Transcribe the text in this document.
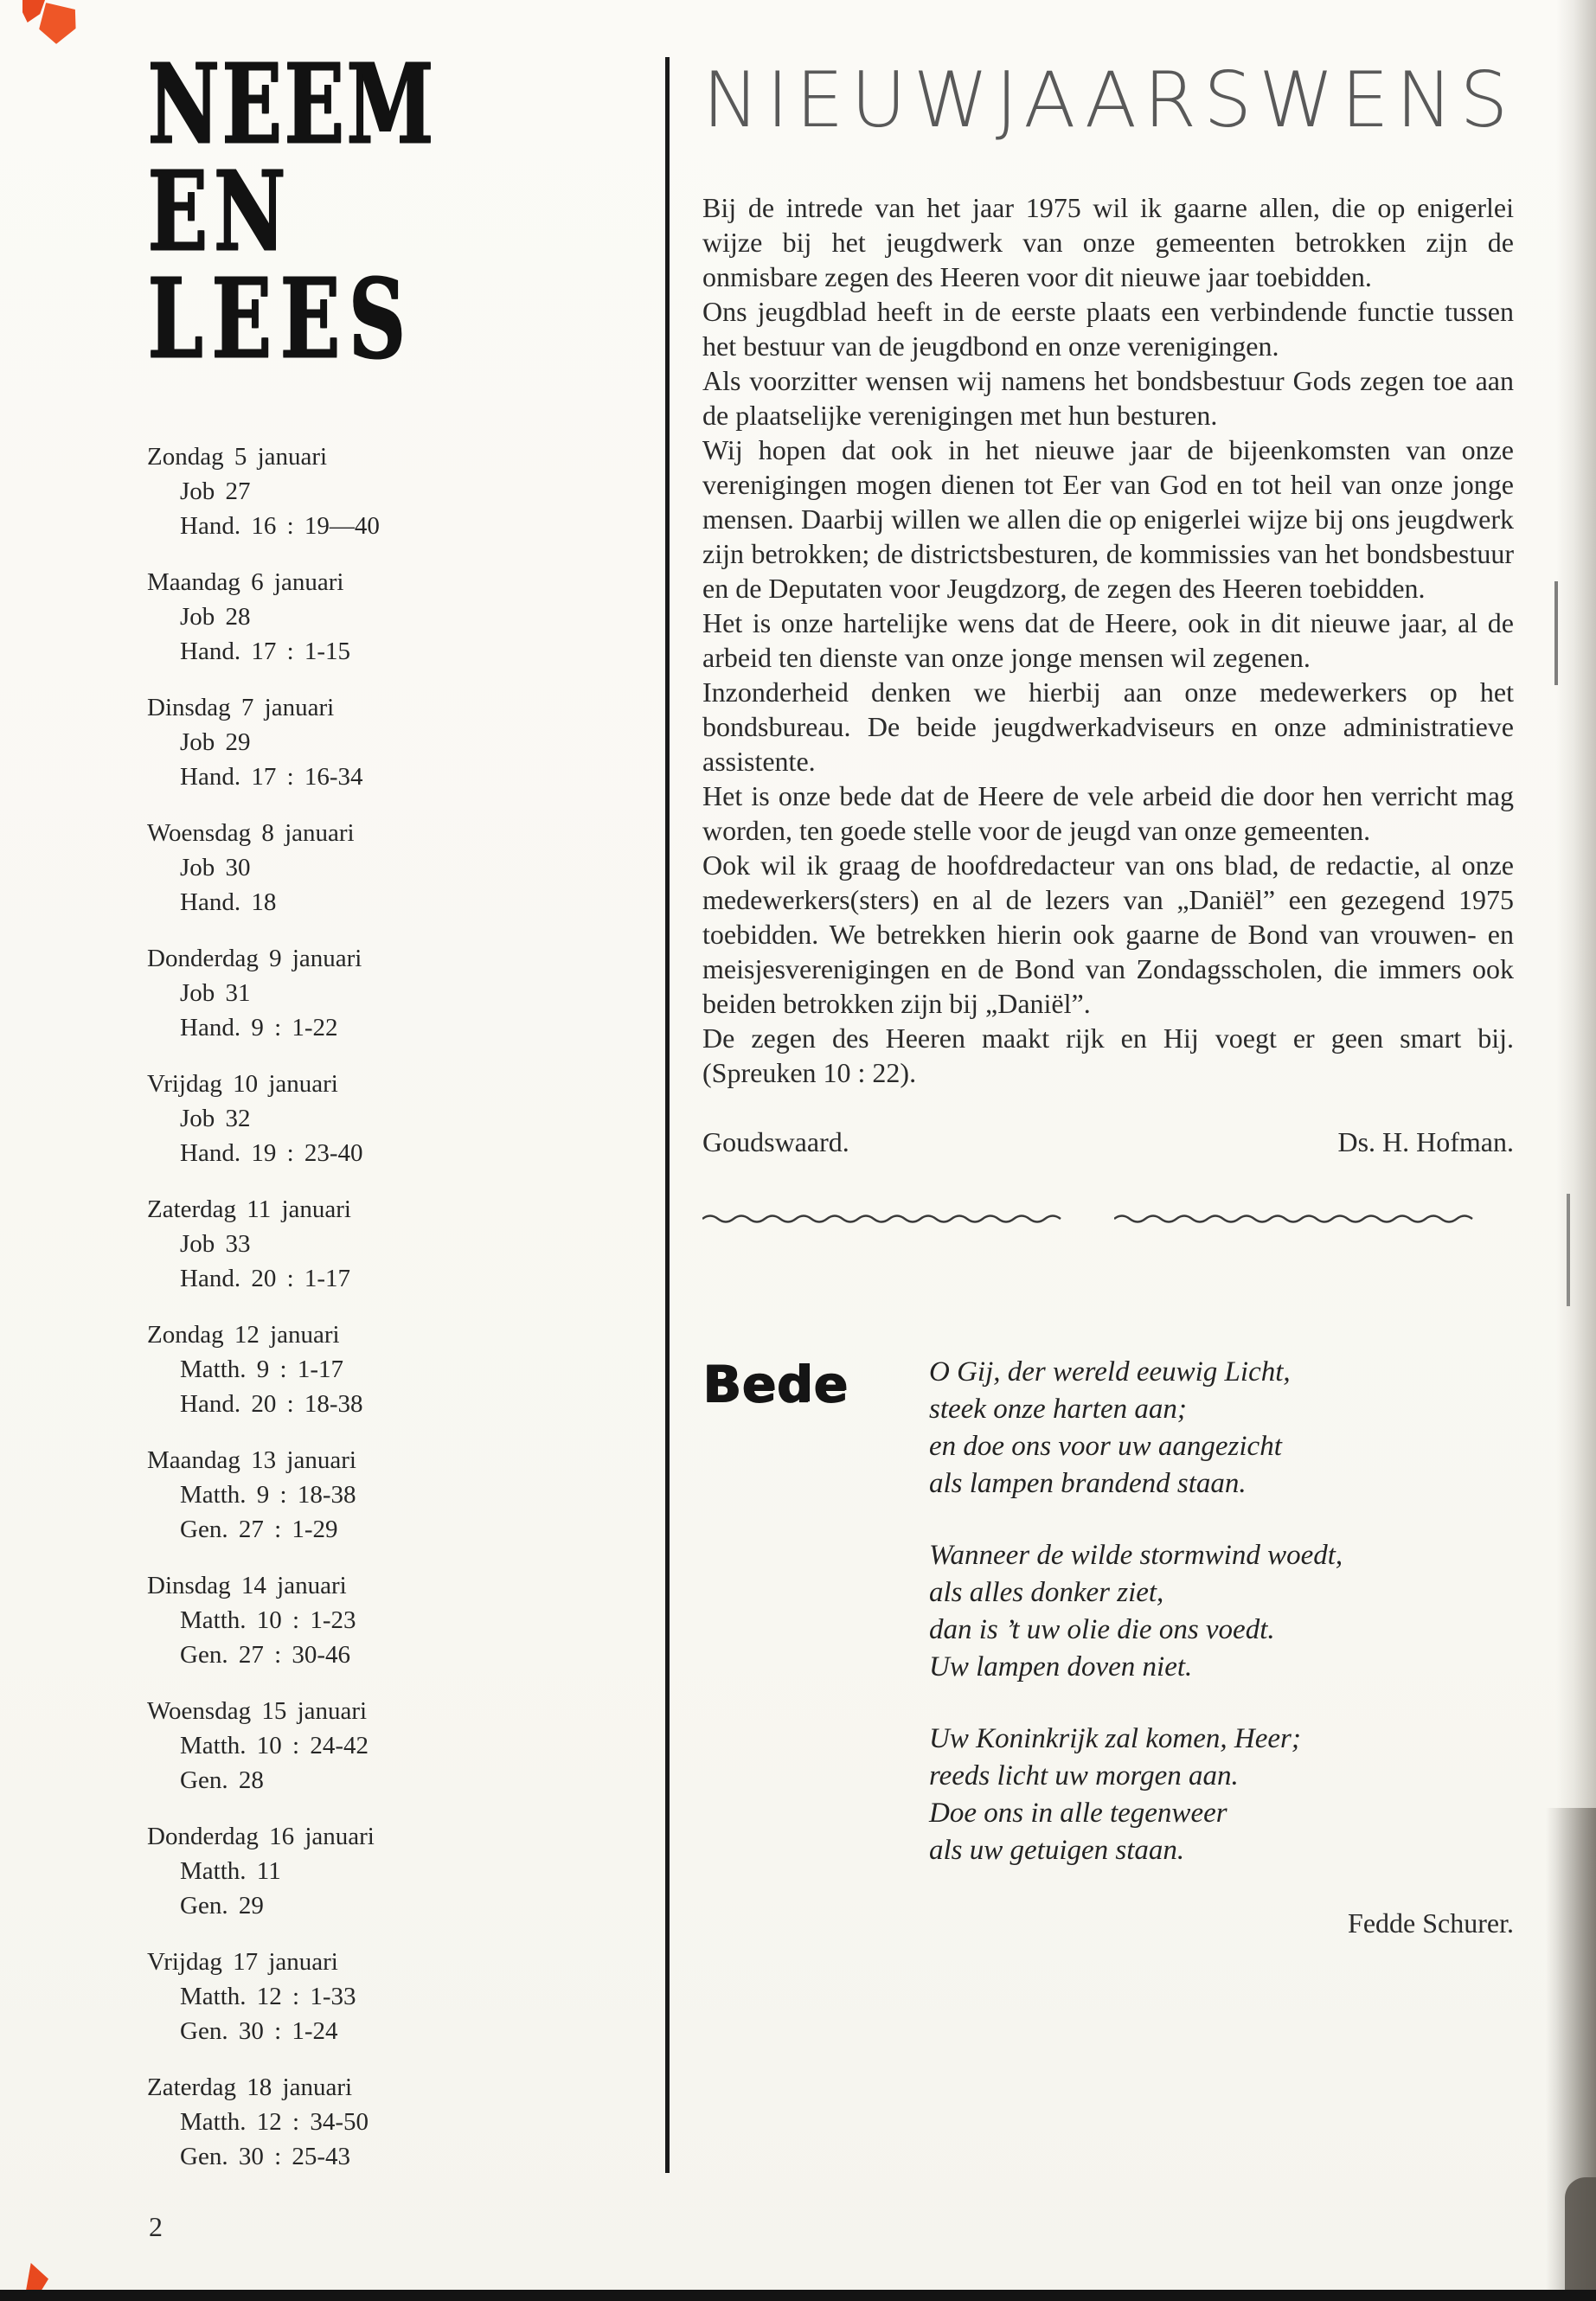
NEEM
EN
LEES
Zondag 5 januari
Job 27
Hand. 16 : 19—40
Maandag 6 januari
Job 28
Hand. 17 : 1-15
Dinsdag 7 januari
Job 29
Hand. 17 : 16-34
Woensdag 8 januari
Job 30
Hand. 18
Donderdag 9 januari
Job 31
Hand. 9 : 1-22
Vrijdag 10 januari
Job 32
Hand. 19 : 23-40
Zaterdag 11 januari
Job 33
Hand. 20 : 1-17
Zondag 12 januari
Matth. 9 : 1-17
Hand. 20 : 18-38
Maandag 13 januari
Matth. 9 : 18-38
Gen. 27 : 1-29
Dinsdag 14 januari
Matth. 10 : 1-23
Gen. 27 : 30-46
Woensdag 15 januari
Matth. 10 : 24-42
Gen. 28
Donderdag 16 januari
Matth. 11
Gen. 29
Vrijdag 17 januari
Matth. 12 : 1-33
Gen. 30 : 1-24
Zaterdag 18 januari
Matth. 12 : 34-50
Gen. 30 : 25-43
2
NIEUWJAARSWENS

Bij de intrede van het jaar 1975 wil ik gaarne allen, die op enigerlei wijze bij het jeugdwerk van onze gemeenten betrokken zijn de onmisbare zegen des Heeren voor dit nieuwe jaar toebidden.

Ons jeugdblad heeft in de eerste plaats een verbindende functie tussen het bestuur van de jeugdbond en onze verenigingen.

Als voorzitter wensen wij namens het bondsbestuur Gods zegen toe aan de plaatselijke verenigingen met hun besturen.

Wij hopen dat ook in het nieuwe jaar de bijeenkomsten van onze verenigingen mogen dienen tot Eer van God en tot heil van onze jonge mensen. Daarbij willen we allen die op enigerlei wijze bij ons jeugdwerk zijn betrokken; de districtsbesturen, de kommissies van het bondsbestuur en de Deputaten voor Jeugdzorg, de zegen des Heeren toebidden.

Het is onze hartelijke wens dat de Heere, ook in dit nieuwe jaar, al de arbeid ten dienste van onze jonge mensen wil zegenen.

Inzonderheid denken we hierbij aan onze medewerkers op het bondsbureau. De beide jeugdwerkadviseurs en onze administratieve assistente.

Het is onze bede dat de Heere de vele arbeid die door hen verricht mag worden, ten goede stelle voor de jeugd van onze gemeenten.

Ook wil ik graag de hoofdredacteur van ons blad, de redactie, al onze medewerkers(sters) en al de lezers van „Daniël” een gezegend 1975 toebidden. We betrekken hierin ook gaarne de Bond van vrouwen- en meisjesverenigingen en de Bond van Zondagsscholen, die immers ook beiden betrokken zijn bij „Daniël”.

De zegen des Heeren maakt rijk en Hij voegt er geen smart bij. (Spreuken 10 : 22).

Goudswaard.	Ds. H. Hofman.
Bede	O Gij, der wereld eeuwig Licht,
steek onze harten aan;
en doe ons voor uw aangezicht
als lampen brandend staan.
Wanneer de wilde stormwind woedt,
als alles donker ziet,
dan is ’t uw olie die ons voedt.
Uw lampen doven niet.
Uw Koninkrijk zal komen, Heer;
reeds licht uw morgen aan.
Doe ons in alle tegenweer
als uw getuigen staan.
Fedde Schurer.
